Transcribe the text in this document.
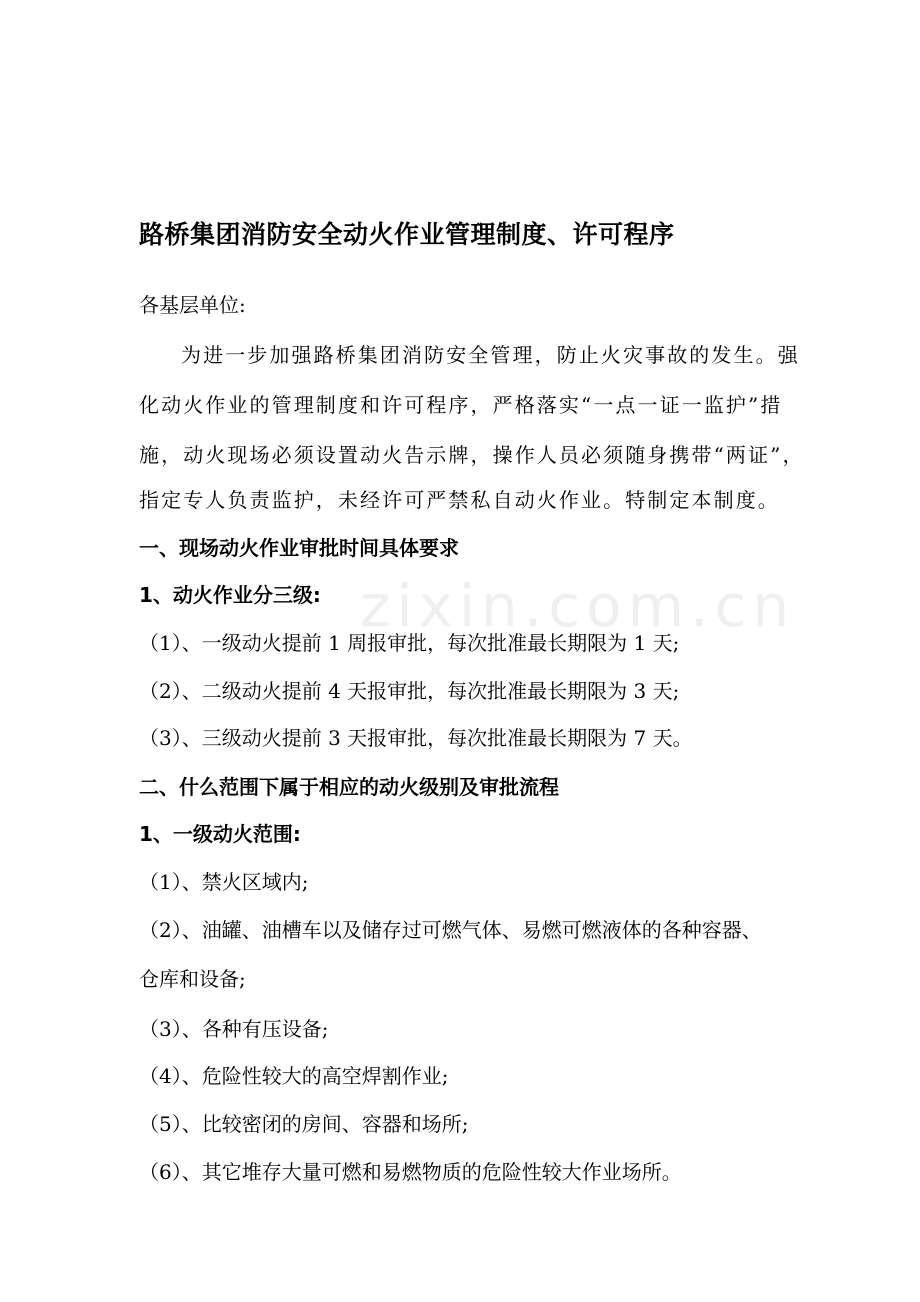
zixin.com.cn
路桥集团消防安全动火作业管理制度、许可程序

各基层单位:

为进一步加强路桥集团消防安全管理，防止火灾事故的发生。强

化动火作业的管理制度和许可程序，严格落实“一点一证一监护”措

施，动火现场必须设置动火告示牌，操作人员必须随身携带“两证”，

指定专人负责监护，未经许可严禁私自动火作业。特制定本制度。

一、现场动火作业审批时间具体要求

1、动火作业分三级:

（1）、一级动火提前 1 周报审批，每次批准最长期限为 1 天;

（2）、二级动火提前 4 天报审批，每次批准最长期限为 3 天;

（3）、三级动火提前 3 天报审批，每次批准最长期限为 7 天。

二、什么范围下属于相应的动火级别及审批流程

1、一级动火范围:

（1）、禁火区域内;

（2）、油罐、油槽车以及储存过可燃气体、易燃可燃液体的各种容器、

仓库和设备;

（3）、各种有压设备;

（4）、危险性较大的高空焊割作业;

（5）、比较密闭的房间、容器和场所;

（6）、其它堆存大量可燃和易燃物质的危险性较大作业场所。
